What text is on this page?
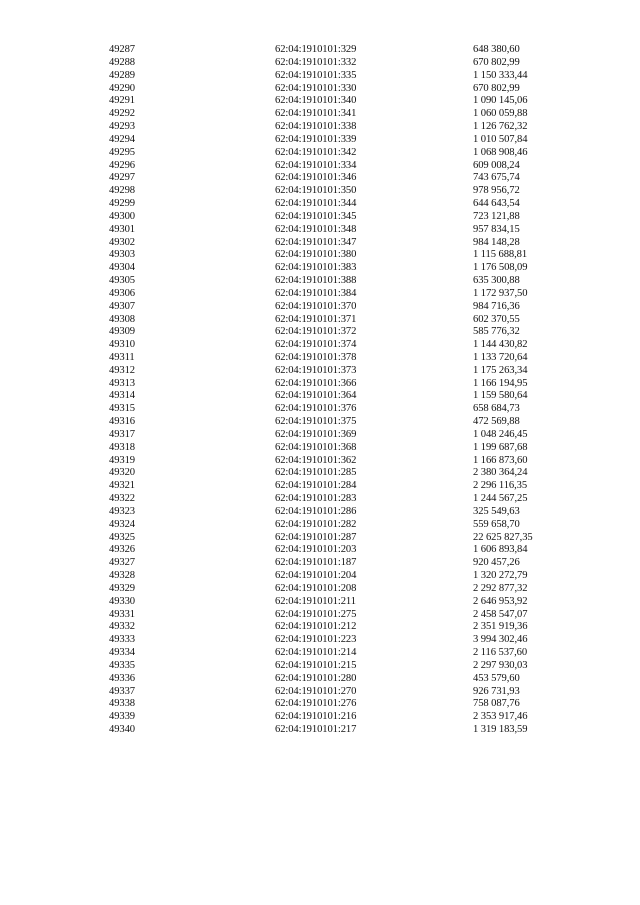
49287	62:04:1910101:329	648 380,60
49288	62:04:1910101:332	670 802,99
49289	62:04:1910101:335	1 150 333,44
49290	62:04:1910101:330	670 802,99
49291	62:04:1910101:340	1 090 145,06
49292	62:04:1910101:341	1 060 059,88
49293	62:04:1910101:338	1 126 762,32
49294	62:04:1910101:339	1 010 507,84
49295	62:04:1910101:342	1 068 908,46
49296	62:04:1910101:334	609 008,24
49297	62:04:1910101:346	743 675,74
49298	62:04:1910101:350	978 956,72
49299	62:04:1910101:344	644 643,54
49300	62:04:1910101:345	723 121,88
49301	62:04:1910101:348	957 834,15
49302	62:04:1910101:347	984 148,28
49303	62:04:1910101:380	1 115 688,81
49304	62:04:1910101:383	1 176 508,09
49305	62:04:1910101:388	635 300,88
49306	62:04:1910101:384	1 172 937,50
49307	62:04:1910101:370	984 716,36
49308	62:04:1910101:371	602 370,55
49309	62:04:1910101:372	585 776,32
49310	62:04:1910101:374	1 144 430,82
49311	62:04:1910101:378	1 133 720,64
49312	62:04:1910101:373	1 175 263,34
49313	62:04:1910101:366	1 166 194,95
49314	62:04:1910101:364	1 159 580,64
49315	62:04:1910101:376	658 684,73
49316	62:04:1910101:375	472 569,88
49317	62:04:1910101:369	1 048 246,45
49318	62:04:1910101:368	1 199 687,68
49319	62:04:1910101:362	1 166 873,60
49320	62:04:1910101:285	2 380 364,24
49321	62:04:1910101:284	2 296 116,35
49322	62:04:1910101:283	1 244 567,25
49323	62:04:1910101:286	325 549,63
49324	62:04:1910101:282	559 658,70
49325	62:04:1910101:287	22 625 827,35
49326	62:04:1910101:203	1 606 893,84
49327	62:04:1910101:187	920 457,26
49328	62:04:1910101:204	1 320 272,79
49329	62:04:1910101:208	2 292 877,32
49330	62:04:1910101:211	2 646 953,92
49331	62:04:1910101:275	2 458 547,07
49332	62:04:1910101:212	2 351 919,36
49333	62:04:1910101:223	3 994 302,46
49334	62:04:1910101:214	2 116 537,60
49335	62:04:1910101:215	2 297 930,03
49336	62:04:1910101:280	453 579,60
49337	62:04:1910101:270	926 731,93
49338	62:04:1910101:276	758 087,76
49339	62:04:1910101:216	2 353 917,46
49340	62:04:1910101:217	1 319 183,59
